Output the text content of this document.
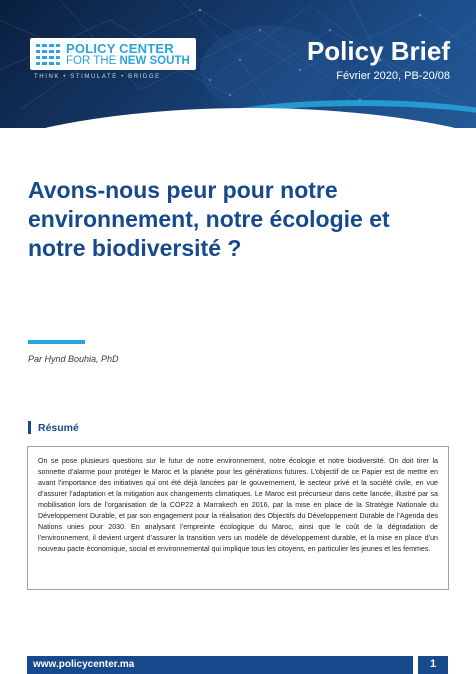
POLICY CENTER
FOR THE NEW SOUTH
THINK • STIMULATE • BRIDGE
Policy Brief
Février 2020, PB-20/08
Avons-nous peur pour notre environnement, notre écologie et notre biodiversité ?
Par Hynd Bouhia, PhD
Résumé

On se pose plusieurs questions sur le futur de notre environnement, notre écologie et notre biodiversité. On doit tirer la sonnette d’alarme pour protéger le Maroc et la planète pour les générations futures. L’objectif de ce Papier est de mettre en avant l’importance des initiatives qui ont été déjà lancées par le gouvernement, le secteur privé et la société civile, en vue d’assurer l’adaptation et la mitigation aux changements climatiques. Le Maroc est précurseur dans cette lancée, illustré par sa mobilisation lors de l’organisation de la COP22 à Marrakech en 2016, par la mise en place de la Stratégie Nationale du Développement Durable, et par son engagement pour la réalisation des Objectifs du Développement Durable de l’Agenda des Nations unies pour 2030. En analysant l’empreinte écologique du Maroc, ainsi que le coût de la dégradation de l’environnement, il devient urgent d’assurer la transition vers un modèle de développement durable, et la mise en place d’un nouveau pacte économique, social et environnemental qui implique tous les citoyens, en particulier les jeunes et les femmes.

www.policycenter.ma	1
